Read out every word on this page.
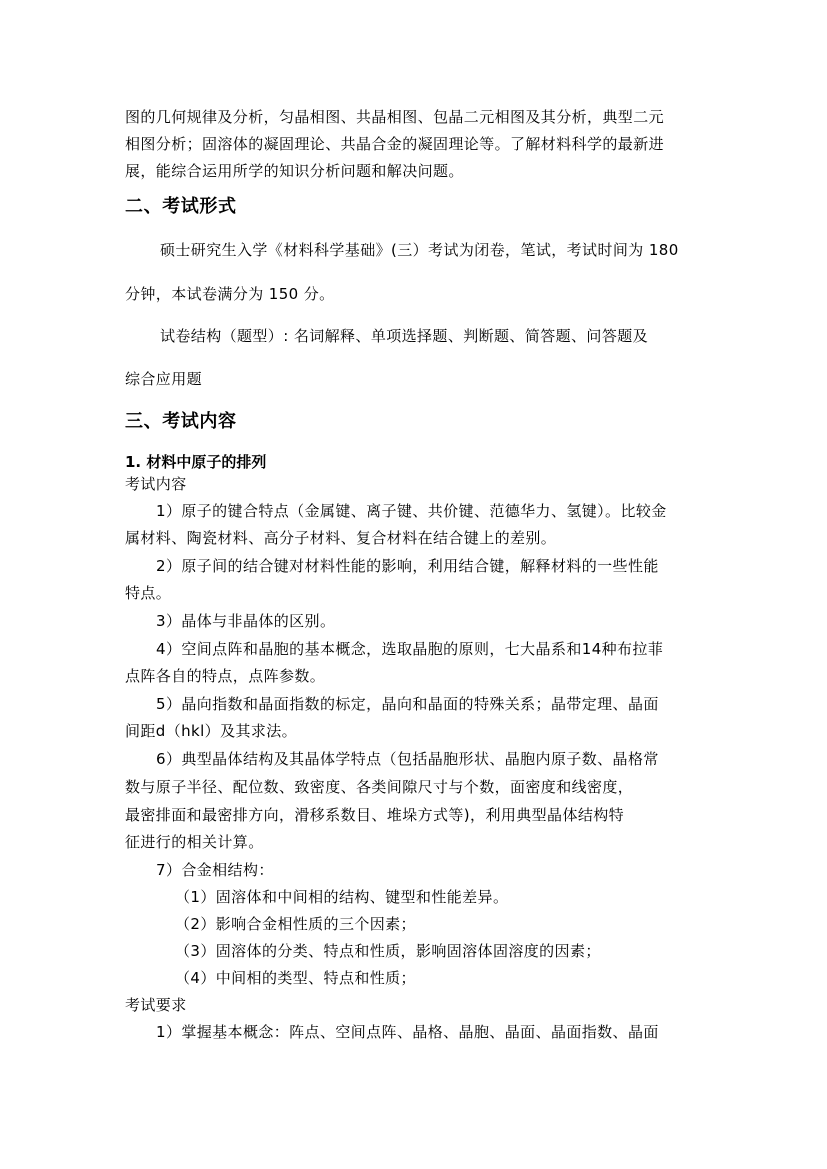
图的几何规律及分析，匀晶相图、共晶相图、包晶二元相图及其分析，典型二元
相图分析；固溶体的凝固理论、共晶合金的凝固理论等。了解材料科学的最新进
展，能综合运用所学的知识分析问题和解决问题。
二、考试形式
硕士研究生入学《材料科学基础》(三）考试为闭卷，笔试，考试时间为 180
分钟，本试卷满分为 150 分。
试卷结构（题型）: 名词解释、单项选择题、判断题、简答题、问答题及
综合应用题
三、考试内容
1. 材料中原子的排列
考试内容
1）原子的键合特点（金属键、离子键、共价键、范德华力、氢键）。比较金
属材料、陶瓷材料、高分子材料、复合材料在结合键上的差别。
2）原子间的结合键对材料性能的影响，利用结合键，解释材料的一些性能
特点。
3）晶体与非晶体的区别。
4）空间点阵和晶胞的基本概念，选取晶胞的原则，七大晶系和14种布拉菲
点阵各自的特点，点阵参数。
5）晶向指数和晶面指数的标定，晶向和晶面的特殊关系；晶带定理、晶面
间距d（hkl）及其求法。
6）典型晶体结构及其晶体学特点（包括晶胞形状、晶胞内原子数、晶格常
数与原子半径、配位数、致密度、各类间隙尺寸与个数，面密度和线密度，
最密排面和最密排方向，滑移系数目、堆垛方式等)，利用典型晶体结构特
征进行的相关计算。
7）合金相结构：
（1）固溶体和中间相的结构、键型和性能差异。
（2）影响合金相性质的三个因素；
（3）固溶体的分类、特点和性质，影响固溶体固溶度的因素；
（4）中间相的类型、特点和性质；
考试要求
1）掌握基本概念：阵点、空间点阵、晶格、晶胞、晶面、晶面指数、晶面
